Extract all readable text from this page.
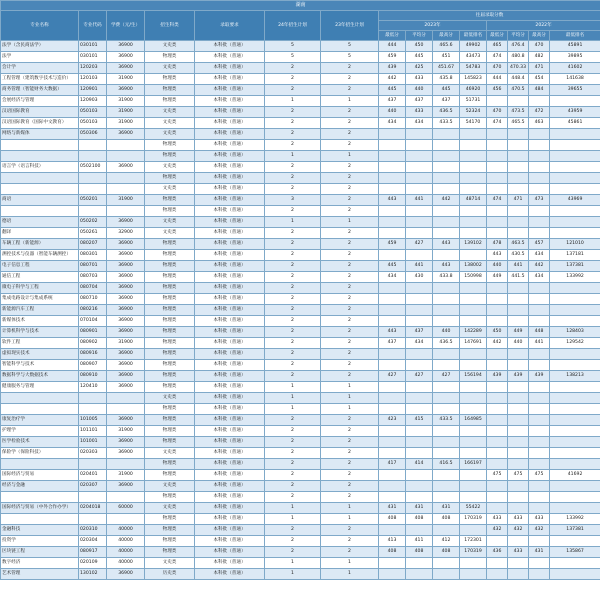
湖南														
专业名称	专业代码	学费（元/生）	招生科类	录取要求	24年招生计划	23年招生计划	往届录取分数							
							2023年				2022年			
							最低分	平均分	最高分	最低排名	最低分	平均分	最高分	最低排名
法学（含民商法学）	030101	36900	文史类	本科批（普通）	5	5	444	450	465.6	49902	465	476.4	470	45891
法学	030101	36900	物理类	本科批（普通）	5	5	459	445	451	43473	474	480.8	482	39895
会计学	120203	36900	文史类	本科批（普通）	2	2	439	425	451.67	54783	470	470.33	471	41602
工程管理（建筑数字技术与造价）	120103	31900	物理类	本科批（普通）	2	2	442	433	435.8	145823	444	448.4	454	141638
商务管理（智能财务大数据）	120901	36900	物理类	本科批（普通）	2	2	445	440	445	46920	456	470.5	484	39655
会展经济与管理	120903	31900	物理类	本科批（普通）	1	1	437	437	437	51731				
汉语国际教育	050103	31900	文史类	本科批（普通）	2	2	440	433	436.5	52324	470	473.5	472	43959
汉语国际教育（国际中文教育）	050103	31900	文史类	本科批（普通）	2	2	434	434	433.5	54170	474	465.5	463	45861
网络与新媒体	050306	36900	文史类	本科批（普通）	2	2								
			物理类	本科批（普通）	2	2								
			物理类	本科批（普通）	1	1								
语言学（语言科技）	0502100	36900	文史类	本科批（普通）	2	2								
			物理类	本科批（普通）	2	2								
			文史类	本科批（普通）	2	2								
商语	050201	31900	物理类	本科批（普通）	3	2	443	441	442	48714	474	471	473	43969
			物理类	本科批（普通）	2	2								
德语	050202	36900	文史类	本科批（普通）	1	1								
翻译	050261	32900	文史类	本科批（普通）	2	2								
车辆工程（新能源）	080207	36900	物理类	本科批（普通）	2	2	459	427	443	139102	478	463.5	457	121010
测控技术与仪器（智能车辆测控）	080301	36900	物理类	本科批（普通）	2	2					443	430.5	434	137181
电子信息工程	080701	36900	物理类	本科批（普通）	2	2	445	441	443	138002	440	441	442	137381
通信工程	080703	36900	物理类	本科批（普通）	2	2	434	430	433.8	150998	449	441.5	434	133992
微电子科学与工程	080704	36900	物理类	本科批（普通）	2	2								
集成电路设计与集成系统	080710	36900	物理类	本科批（普通）	2	2								
新能源汽车工程	080216	36900	物理类	本科批（普通）	2	2								
新媒体技术	070104	36900	物理类	本科批（普通）	2	2								
计算机科学与技术	080901	36900	物理类	本科批（普通）	2	2	443	437	440	142289	450	449	448	128403
软件工程	080902	31900	物理类	本科批（普通）	2	2	437	434	436.5	147691	442	440	441	129542
虚拟现实技术	080916	36900	物理类	本科批（普通）	2	2								
智能科学与技术	080907	36900	物理类	本科批（普通）	2	2								
数据科学与大数据技术	080910	36900	物理类	本科批（普通）	2	2	427	427	427	156194	439	439	439	138213
健康服务与管理	120410	36900	物理类	本科批（普通）	1	1								
			文史类	本科批（普通）	1	1								
			物理类	本科批（普通）	1	1								
康复治疗学	101005	36900	物理类	本科批（普通）	2	2	423	415	433.5	164985				
护理学	101101	31900	物理类	本科批（普通）	2	2								
医学检验技术	101001	36900	物理类	本科批（普通）	2	2								
保险学（保险科技）	020303	36900	文史类	本科批（普通）	2	2								
			物理类	本科批（普通）	2	2	417	414	416.5	166197				
国际经济与贸易	020401	31900	物理类	本科批（普通）	2	2					475	475	475	41692
经济与金融	020307	36900	文史类	本科批（普通）	2	2								
			物理类	本科批（普通）	2	2								
国际经济与贸易（中外合作办学）	0204018	60000	文史类	本科批（普通）	1	1	431	431	431	55422				
			物理类	本科批（普通）	1	1	408	408	408	170319	433	433	433	133992
金融科技	020310	40000	物理类	本科批（普通）	2	2					432	432	432	137381
投资学	020304	40000	物理类	本科批（普通）	2	2	413	411	412	172301				
区块链工程	080917	40000	物理类	本科批（普通）	2	2	408	408	408	170319	436	433	431	135867
数字经济	020109	40000	文史类	本科批（普通）	1	1								
艺术管理	130102	36900	历史类	本科批（普通）	1	1								
